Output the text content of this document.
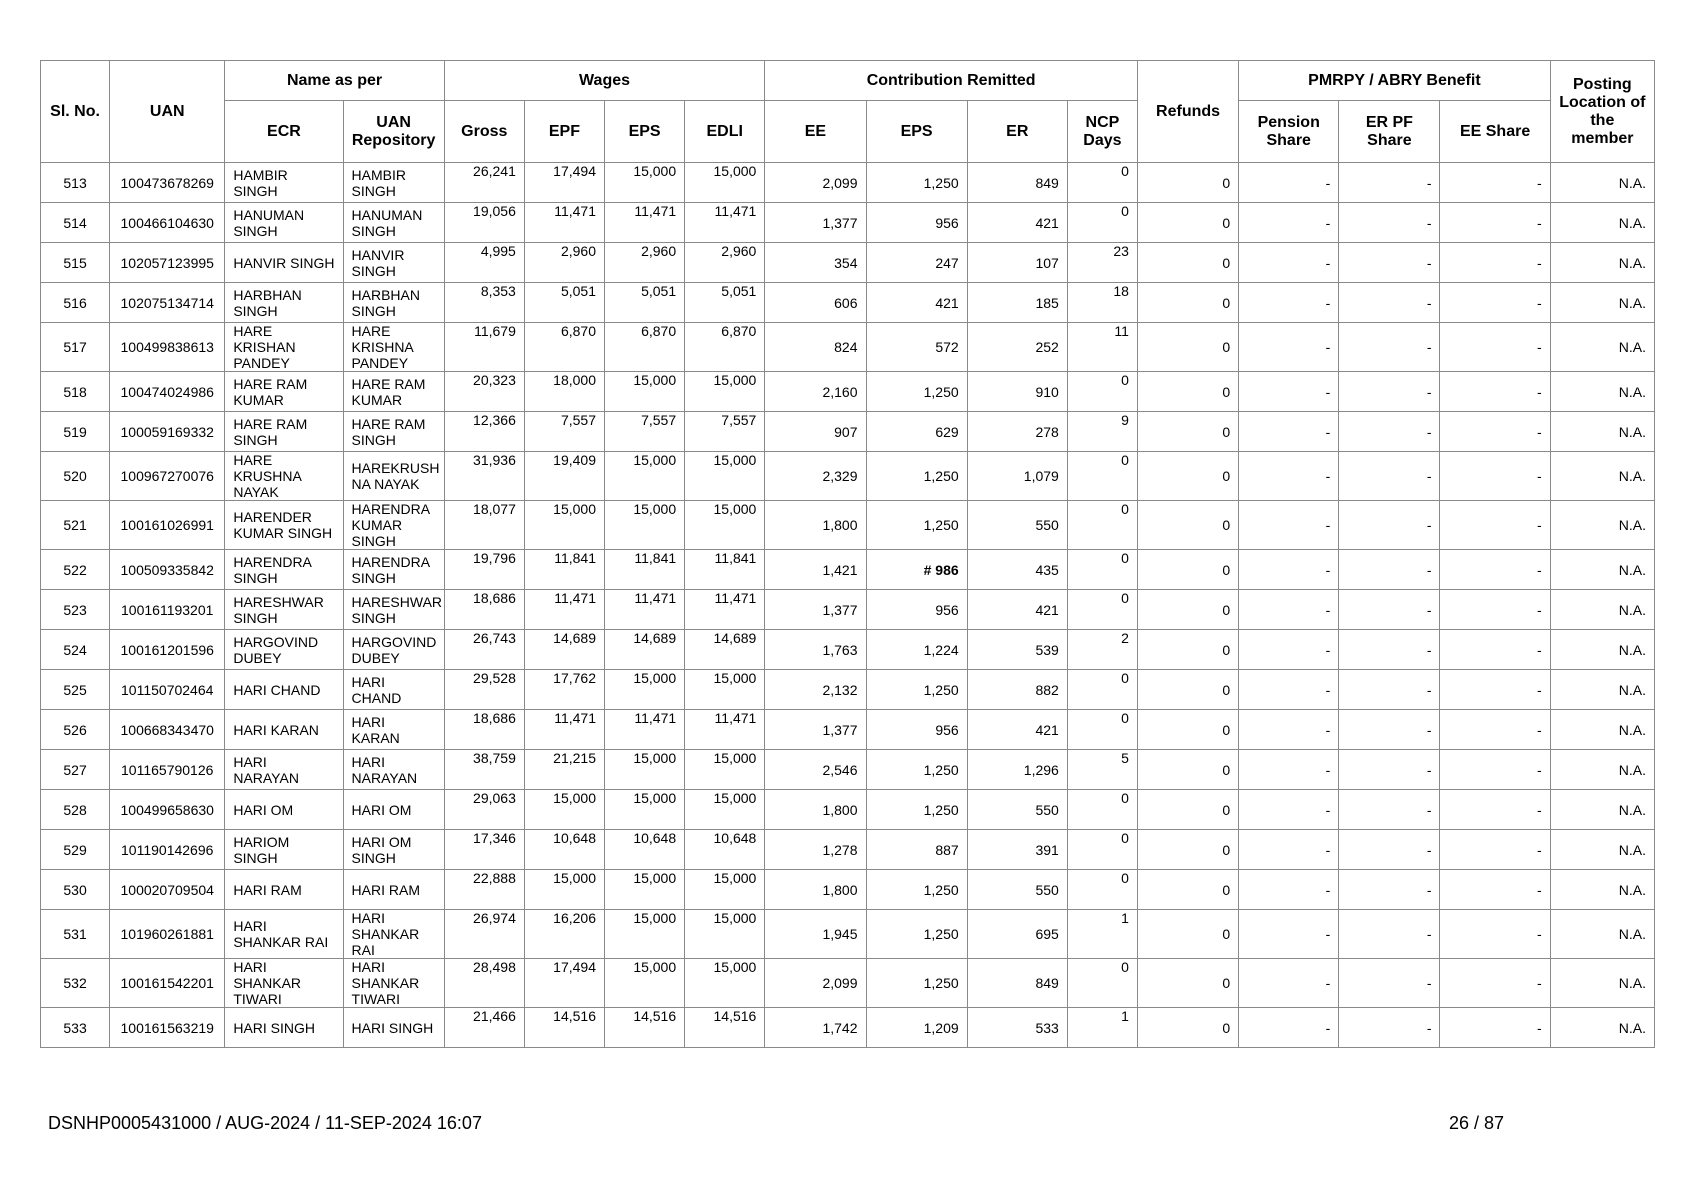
Sl. No.	UAN	Name as per		Wages				Contribution Remitted				Refunds	PMRPY / ABRY Benefit			Posting Location of the member
		ECR	UAN Repository	Gross	EPF	EPS	EDLI	EE	EPS	ER	NCP Days		Pension Share	ER PF Share	EE Share	
513	100473678269	HAMBIR SINGH	HAMBIR SINGH	26,241	17,494	15,000	15,000	2,099	1,250	849	0	0	-	-	-	N.A.
514	100466104630	HANUMAN SINGH	HANUMAN SINGH	19,056	11,471	11,471	11,471	1,377	956	421	0	0	-	-	-	N.A.
515	102057123995	HANVIR SINGH	HANVIR SINGH	4,995	2,960	2,960	2,960	354	247	107	23	0	-	-	-	N.A.
516	102075134714	HARBHAN SINGH	HARBHAN SINGH	8,353	5,051	5,051	5,051	606	421	185	18	0	-	-	-	N.A.
517	100499838613	HARE KRISHAN PANDEY	HARE KRISHNA PANDEY	11,679	6,870	6,870	6,870	824	572	252	11	0	-	-	-	N.A.
518	100474024986	HARE RAM KUMAR	HARE RAM KUMAR	20,323	18,000	15,000	15,000	2,160	1,250	910	0	0	-	-	-	N.A.
519	100059169332	HARE RAM SINGH	HARE RAM SINGH	12,366	7,557	7,557	7,557	907	629	278	9	0	-	-	-	N.A.
520	100967270076	HARE KRUSHNA NAYAK	HAREKRUSH NA NAYAK	31,936	19,409	15,000	15,000	2,329	1,250	1,079	0	0	-	-	-	N.A.
521	100161026991	HARENDER KUMAR SINGH	HARENDRA KUMAR SINGH	18,077	15,000	15,000	15,000	1,800	1,250	550	0	0	-	-	-	N.A.
522	100509335842	HARENDRA SINGH	HARENDRA SINGH	19,796	11,841	11,841	11,841	1,421	# 986	435	0	0	-	-	-	N.A.
523	100161193201	HARESHWAR SINGH	HARESHWAR SINGH	18,686	11,471	11,471	11,471	1,377	956	421	0	0	-	-	-	N.A.
524	100161201596	HARGOVIND DUBEY	HARGOVIND DUBEY	26,743	14,689	14,689	14,689	1,763	1,224	539	2	0	-	-	-	N.A.
525	101150702464	HARI CHAND	HARI CHAND	29,528	17,762	15,000	15,000	2,132	1,250	882	0	0	-	-	-	N.A.
526	100668343470	HARI KARAN	HARI KARAN	18,686	11,471	11,471	11,471	1,377	956	421	0	0	-	-	-	N.A.
527	101165790126	HARI NARAYAN	HARI NARAYAN	38,759	21,215	15,000	15,000	2,546	1,250	1,296	5	0	-	-	-	N.A.
528	100499658630	HARI OM	HARI OM	29,063	15,000	15,000	15,000	1,800	1,250	550	0	0	-	-	-	N.A.
529	101190142696	HARIOM SINGH	HARI OM SINGH	17,346	10,648	10,648	10,648	1,278	887	391	0	0	-	-	-	N.A.
530	100020709504	HARI RAM	HARI RAM	22,888	15,000	15,000	15,000	1,800	1,250	550	0	0	-	-	-	N.A.
531	101960261881	HARI SHANKAR RAI	HARI SHANKAR RAI	26,974	16,206	15,000	15,000	1,945	1,250	695	1	0	-	-	-	N.A.
532	100161542201	HARI SHANKAR TIWARI	HARI SHANKAR TIWARI	28,498	17,494	15,000	15,000	2,099	1,250	849	0	0	-	-	-	N.A.
533	100161563219	HARI SINGH	HARI SINGH	21,466	14,516	14,516	14,516	1,742	1,209	533	1	0	-	-	-	N.A.
DSNHP0005431000 / AUG-2024 / 11-SEP-2024 16:07	26 / 87
